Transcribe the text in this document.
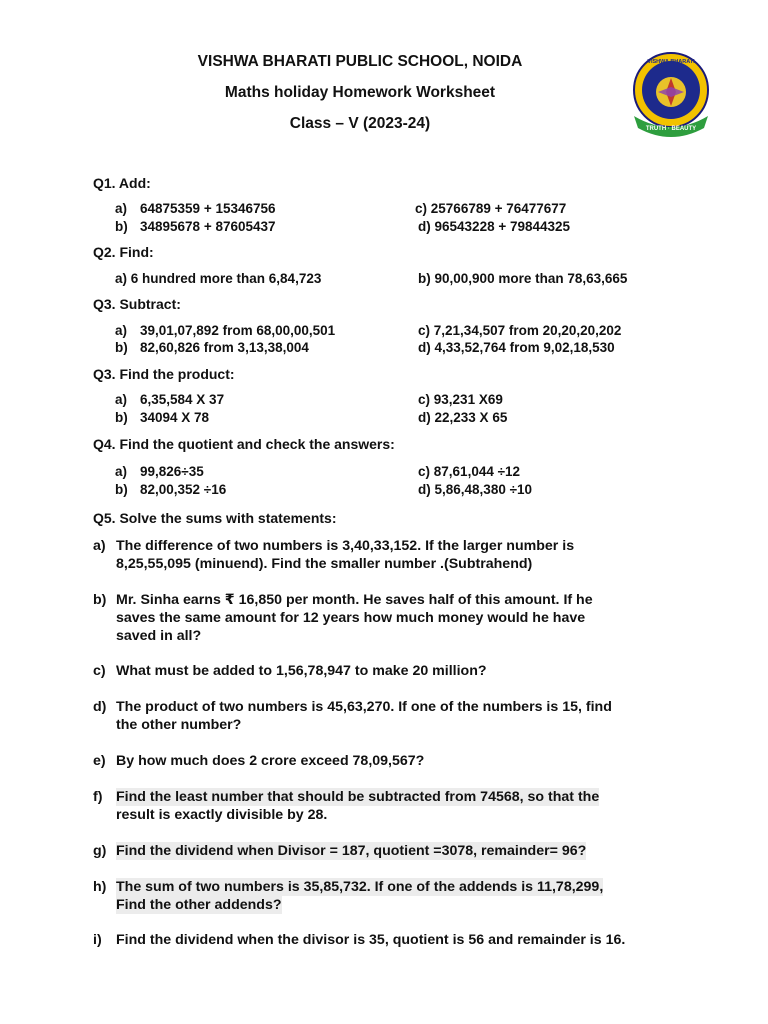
VISHWA BHARATI PUBLIC SCHOOL, NOIDA
Maths holiday Homework Worksheet
Class – V (2023-24)	TRUTH · BEAUTY
VISHWA BHARATI
Q1. Add:
a) 64875359 + 15346756	c) 25766789 + 76477677
b) 34895678 + 87605437	d) 96543228 + 79844325
Q2. Find:
a) 6 hundred more than 6,84,723	b) 90,00,900 more than 78,63,665
Q3. Subtract:
a) 39,01,07,892 from 68,00,00,501	c) 7,21,34,507 from 20,20,20,202
b) 82,60,826 from 3,13,38,004	d) 4,33,52,764 from 9,02,18,530
Q3. Find the product:
a) 6,35,584 X 37	c) 93,231 X69
b) 34094 X 78	d) 22,233 X 65
Q4. Find the quotient and check the answers:
a) 99,826÷35	c) 87,61,044 ÷12
b) 82,00,352 ÷16	d) 5,86,48,380 ÷10
Q5. Solve the sums with statements:
a) The difference of two numbers is 3,40,33,152. If the larger number is
8,25,55,095 (minuend). Find the smaller number .(Subtrahend)
b) Mr. Sinha earns ₹ 16,850 per month. He saves half of this amount. If he
saves the same amount for 12 years how much money would he have
saved in all?
c) What must be added to 1,56,78,947 to make 20 million?
d) The product of two numbers is 45,63,270. If one of the numbers is 15, find
the other number?
e) By how much does 2 crore exceed 78,09,567?
f) Find the least number that should be subtracted from 74568, so that the
result is exactly divisible by 28.
g) Find the dividend when Divisor = 187, quotient =3078, remainder= 96?
h) The sum of two numbers is 35,85,732. If one of the addends is 11,78,299,
Find the other addends?
i) Find the dividend when the divisor is 35, quotient is 56 and remainder is 16.
